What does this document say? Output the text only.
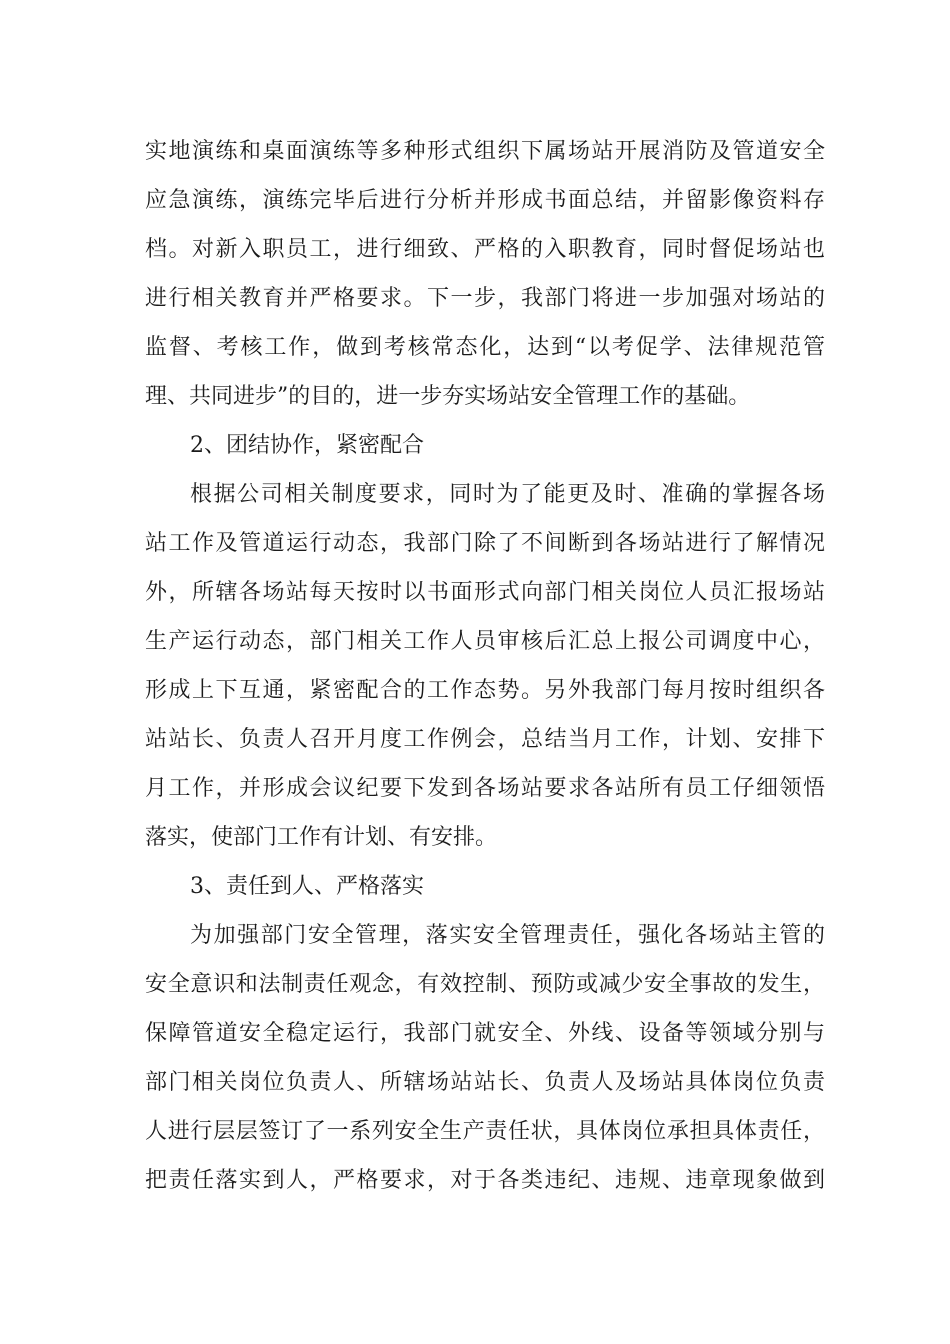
实地演练和桌面演练等多种形式组织下属场站开展消防及管道安全
应急演练，演练完毕后进行分析并形成书面总结，并留影像资料存
档。对新入职员工，进行细致、严格的入职教育，同时督促场站也
进行相关教育并严格要求。下一步，我部门将进一步加强对场站的
监督、考核工作，做到考核常态化，达到“以考促学、法律规范管
理、共同进步”的目的，进一步夯实场站安全管理工作的基础。
2、团结协作，紧密配合
根据公司相关制度要求，同时为了能更及时、准确的掌握各场
站工作及管道运行动态，我部门除了不间断到各场站进行了解情况
外，所辖各场站每天按时以书面形式向部门相关岗位人员汇报场站
生产运行动态，部门相关工作人员审核后汇总上报公司调度中心，
形成上下互通，紧密配合的工作态势。另外我部门每月按时组织各
站站长、负责人召开月度工作例会，总结当月工作，计划、安排下
月工作，并形成会议纪要下发到各场站要求各站所有员工仔细领悟
落实，使部门工作有计划、有安排。
3、责任到人、严格落实
为加强部门安全管理，落实安全管理责任，强化各场站主管的
安全意识和法制责任观念，有效控制、预防或减少安全事故的发生，
保障管道安全稳定运行，我部门就安全、外线、设备等领域分别与
部门相关岗位负责人、所辖场站站长、负责人及场站具体岗位负责
人进行层层签订了一系列安全生产责任状，具体岗位承担具体责任，
把责任落实到人，严格要求，对于各类违纪、违规、违章现象做到
